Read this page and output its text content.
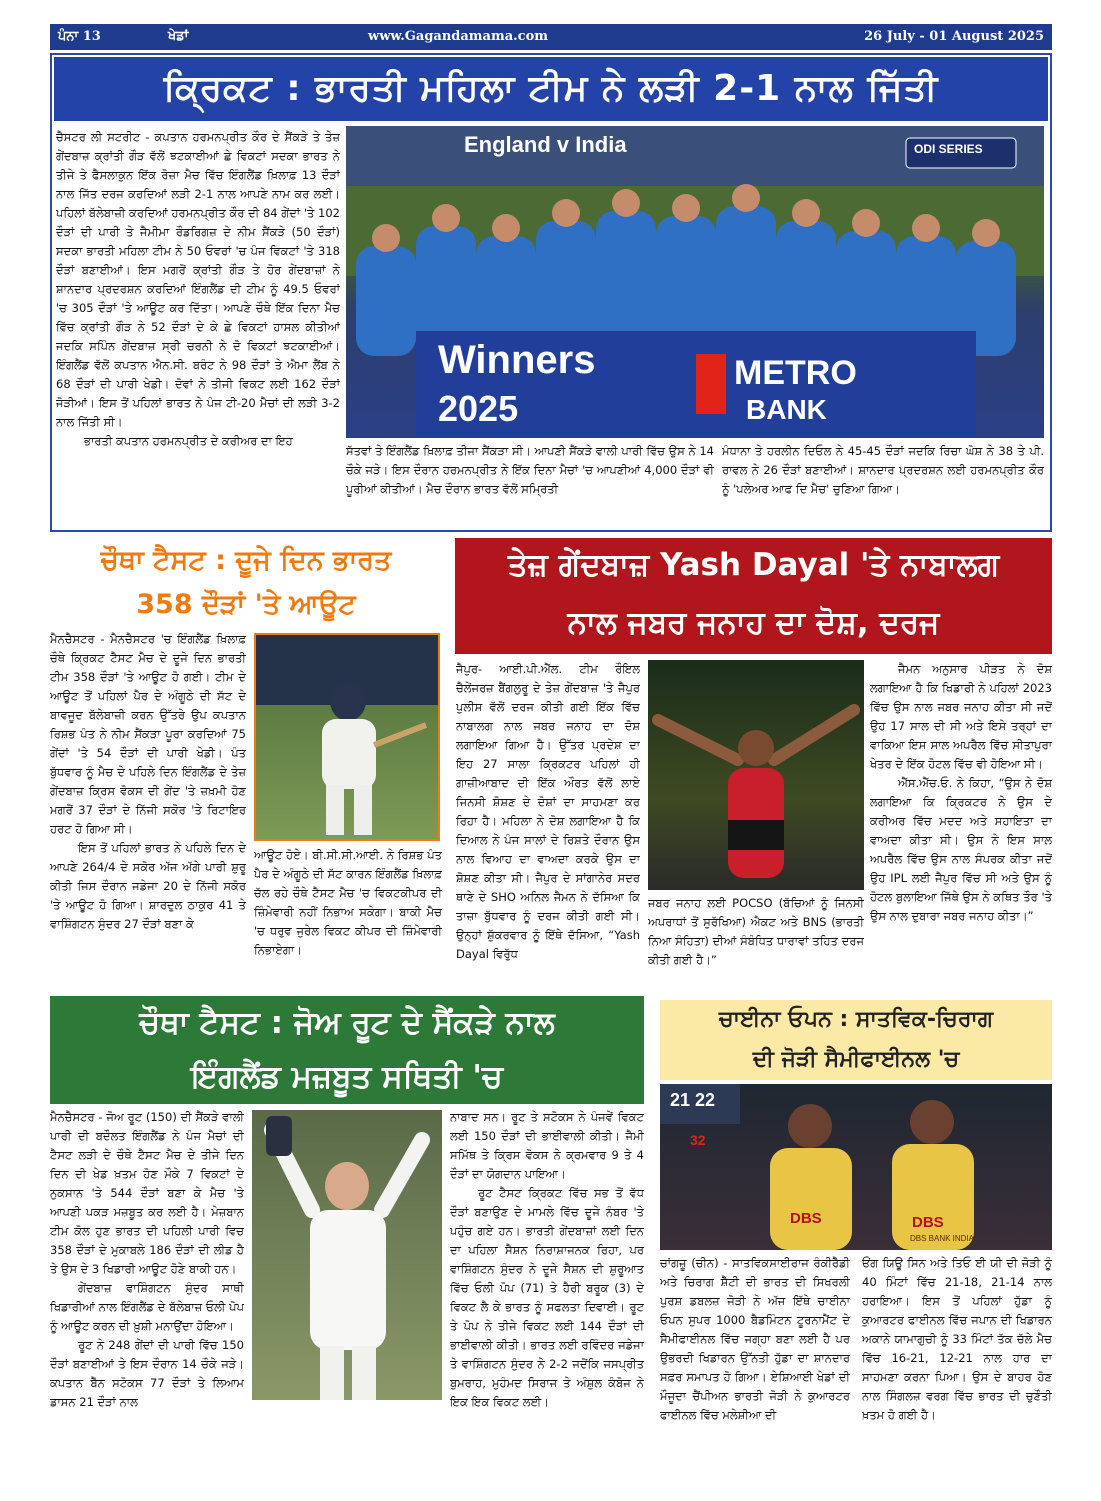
ਪੰਨਾ 13	ਖੇਡਾਂ	www.Gagandamama.com	26 July - 01 August 2025
ਕ੍ਰਿਕਟ : ਭਾਰਤੀ ਮਹਿਲਾ ਟੀਮ ਨੇ ਲੜੀ 2-1 ਨਾਲ ਜਿੱਤੀ
England v India	ODI SERIES
Winners
2025
METRO
BANK

ਚੈਸਟਰ ਲੀ ਸਟਰੀਟ - ਕਪਤਾਨ ਹਰਮਨਪ੍ਰੀਤ ਕੌਰ ਦੇ ਸੈਂਕੜੇ ਤੇ ਤੇਜ਼ ਗੇਂਦਬਾਜ਼ ਕ੍ਰਾਂਤੀ ਗੌੜ ਵੱਲੋਂ ਝਟਕਾਈਆਂ ਛੇ ਵਿਕਟਾਂ ਸਦਕਾ ਭਾਰਤ ਨੇ ਤੀਜੇ ਤੇ ਫੈਸਲਾਕੁਨ ਇੱਕ ਰੋਜ਼ਾ ਮੈਚ ਵਿੱਚ ਇੰਗਲੈਂਡ ਖ਼ਿਲਾਫ਼ 13 ਦੌੜਾਂ ਨਾਲ ਜਿੱਤ ਦਰਜ ਕਰਦਿਆਂ ਲੜੀ 2-1 ਨਾਲ ਆਪਣੇ ਨਾਮ ਕਰ ਲਈ। ਪਹਿਲਾਂ ਬੱਲੇਬਾਜ਼ੀ ਕਰਦਿਆਂ ਹਰਮਨਪ੍ਰੀਤ ਕੌਰ ਦੀ 84 ਗੇਂਦਾਂ 'ਤੇ 102 ਦੌੜਾਂ ਦੀ ਪਾਰੀ ਤੇ ਜੈਮੀਮਾ ਰੌਡਰਿਗਜ਼ ਦੇ ਨੀਮ ਸੈਂਕੜੇ (50 ਦੌੜਾਂ) ਸਦਕਾ ਭਾਰਤੀ ਮਹਿਲਾ ਟੀਮ ਨੇ 50 ਓਵਰਾਂ 'ਚ ਪੰਜ ਵਿਕਟਾਂ 'ਤੇ 318 ਦੌੜਾਂ ਬਣਾਈਆਂ। ਇਸ ਮਗਰੋਂ ਕ੍ਰਾਂਤੀ ਗੌੜ ਤੇ ਹੋਰ ਗੇਂਦਬਾਜ਼ਾਂ ਨੇ ਸ਼ਾਨਦਾਰ ਪ੍ਰਦਰਸ਼ਨ ਕਰਦਿਆਂ ਇੰਗਲੈਂਡ ਦੀ ਟੀਮ ਨੂੰ 49.5 ਓਵਰਾਂ 'ਚ 305 ਦੌੜਾਂ 'ਤੇ ਆਊਟ ਕਰ ਦਿੱਤਾ। ਆਪਣੇ ਚੌਥੇ ਇੱਕ ਦਿਨਾ ਮੈਚ ਵਿੱਚ ਕ੍ਰਾਂਤੀ ਗੌੜ ਨੇ 52 ਦੌੜਾਂ ਦੇ ਕੇ ਛੇ ਵਿਕਟਾਂ ਹਾਸਲ ਕੀਤੀਆਂ ਜਦਕਿ ਸਪਿੰਨ ਗੇਂਦਬਾਜ਼ ਸ੍ਰੀ ਚਰਨੀ ਨੇ ਦੋ ਵਿਕਟਾਂ ਝਟਕਾਈਆਂ। ਇੰਗਲੈਂਡ ਵੱਲੋਂ ਕਪਤਾਨ ਐਨ.ਸੀ. ਬਰੰਟ ਨੇ 98 ਦੌੜਾਂ ਤੇ ਐਮਾ ਲੈਂਬ ਨੇ 68 ਦੌੜਾਂ ਦੀ ਪਾਰੀ ਖੇਡੀ। ਦੋਵਾਂ ਨੇ ਤੀਜੀ ਵਿਕਟ ਲਈ 162 ਦੌੜਾਂ ਜੋੜੀਆਂ। ਇਸ ਤੋਂ ਪਹਿਲਾਂ ਭਾਰਤ ਨੇ ਪੰਜ ਟੀ-20 ਮੈਚਾਂ ਦੀ ਲੜੀ 3-2 ਨਾਲ ਜਿੱਤੀ ਸੀ।

ਭਾਰਤੀ ਕਪਤਾਨ ਹਰਮਨਪ੍ਰੀਤ ਦੇ ਕਰੀਅਰ ਦਾ ਇਹ

ਸੱਤਵਾਂ ਤੇ ਇੰਗਲੈਂਡ ਖ਼ਿਲਾਫ਼ ਤੀਜਾ ਸੈਂਕੜਾ ਸੀ। ਆਪਣੀ ਸੈਂਕੜੇ ਵਾਲੀ ਪਾਰੀ ਵਿੱਚ ਉਸ ਨੇ 14 ਚੌਕੇ ਜੜੇ। ਇਸ ਦੌਰਾਨ ਹਰਮਨਪ੍ਰੀਤ ਨੇ ਇੱਕ ਦਿਨਾ ਮੈਚਾਂ 'ਚ ਆਪਣੀਆਂ 4,000 ਦੌੜਾਂ ਵੀ ਪੂਰੀਆਂ ਕੀਤੀਆਂ। ਮੈਚ ਦੌਰਾਨ ਭਾਰਤ ਵੱਲੋਂ ਸਮ੍ਰਿਤੀ

ਮੰਧਾਨਾ ਤੇ ਹਰਲੀਨ ਦਿਓਲ ਨੇ 45-45 ਦੌੜਾਂ ਜਦਕਿ ਰਿਚਾ ਘੋਸ਼ ਨੇ 38 ਤੇ ਪੀ. ਰਾਵਲ ਨੇ 26 ਦੌੜਾਂ ਬਣਾਈਆਂ। ਸ਼ਾਨਦਾਰ ਪ੍ਰਦਰਸ਼ਨ ਲਈ ਹਰਮਨਪ੍ਰੀਤ ਕੌਰ ਨੂੰ 'ਪਲੇਅਰ ਆਫ ਦਿ ਮੈਚ' ਚੁਣਿਆ ਗਿਆ।

ਚੌਥਾ ਟੈਸਟ : ਦੂਜੇ ਦਿਨ ਭਾਰਤ
358 ਦੌੜਾਂ 'ਤੇ ਆਊਟ

ਮੈਨਚੈਸਟਰ - ਮੈਨਚੈਸਟਰ 'ਚ ਇੰਗਲੈਂਡ ਖ਼ਿਲਾਫ਼ ਚੌਥੇ ਕ੍ਰਿਕਟ ਟੈਸਟ ਮੈਚ ਦੇ ਦੂਜੇ ਦਿਨ ਭਾਰਤੀ ਟੀਮ 358 ਦੌੜਾਂ 'ਤੇ ਆਊਟ ਹੋ ਗਈ। ਟੀਮ ਦੇ ਆਊਟ ਤੋਂ ਪਹਿਲਾਂ ਪੈਰ ਦੇ ਅੰਗੂਠੇ ਦੀ ਸੱਟ ਦੇ ਬਾਵਜੂਦ ਬੱਲੇਬਾਜ਼ੀ ਕਰਨ ਉੱਤਰੇ ਉਪ ਕਪਤਾਨ ਰਿਸ਼ਭ ਪੰਤ ਨੇ ਨੀਮ ਸੈਂਕੜਾ ਪੂਰਾ ਕਰਦਿਆਂ 75 ਗੇਂਦਾਂ 'ਤੇ 54 ਦੌੜਾਂ ਦੀ ਪਾਰੀ ਖੇਡੀ। ਪੰਤ ਬੁੱਧਵਾਰ ਨੂੰ ਮੈਚ ਦੇ ਪਹਿਲੇ ਦਿਨ ਇੰਗਲੈਂਡ ਦੇ ਤੇਜ਼ ਗੇਂਦਬਾਜ਼ ਕ੍ਰਿਸ ਵੋਕਸ ਦੀ ਗੇਂਦ 'ਤੇ ਜ਼ਖ਼ਮੀ ਹੋਣ ਮਗਰੋਂ 37 ਦੌੜਾਂ ਦੇ ਨਿੱਜੀ ਸਕੋਰ 'ਤੇ ਰਿਟਾਇਰ ਹਰਟ ਹੋ ਗਿਆ ਸੀ।

ਇਸ ਤੋਂ ਪਹਿਲਾਂ ਭਾਰਤ ਨੇ ਪਹਿਲੇ ਦਿਨ ਦੇ ਆਪਣੇ 264/4 ਦੇ ਸਕੋਰ ਅੱਜ ਅੱਗੇ ਪਾਰੀ ਸ਼ੁਰੂ ਕੀਤੀ ਜਿਸ ਦੌਰਾਨ ਜਡੇਜਾ 20 ਦੇ ਨਿੱਜੀ ਸਕੋਰ 'ਤੇ ਆਊਟ ਹੋ ਗਿਆ। ਸ਼ਾਰਦੁਲ ਠਾਕੁਰ 41 ਤੇ ਵਾਸ਼ਿੰਗਟਨ ਸੁੰਦਰ 27 ਦੌੜਾਂ ਬਣਾ ਕੇ

ਆਊਟ ਹੋਏ। ਬੀ.ਸੀ.ਸੀ.ਆਈ. ਨੇ ਰਿਸ਼ਭ ਪੰਤ ਪੈਰ ਦੇ ਅੰਗੂਠੇ ਦੀ ਸੱਟ ਕਾਰਨ ਇੰਗਲੈਂਡ ਖ਼ਿਲਾਫ਼ ਚੱਲ ਰਹੇ ਚੌਥੇ ਟੈਸਟ ਮੈਚ 'ਚ ਵਿਕਟਕੀਪਰ ਦੀ ਜ਼ਿੰਮੇਵਾਰੀ ਨਹੀਂ ਨਿਭਾਅ ਸਕੇਗਾ। ਬਾਕੀ ਮੈਚ 'ਚ ਧਰੁਵ ਜੁਰੇਲ ਵਿਕਟ ਕੀਪਰ ਦੀ ਜ਼ਿੰਮੇਵਾਰੀ ਨਿਭਾਏਗਾ।

ਤੇਜ਼ ਗੇਂਦਬਾਜ਼ Yash Dayal 'ਤੇ ਨਾਬਾਲਗ
ਨਾਲ ਜਬਰ ਜਨਾਹ ਦਾ ਦੋਸ਼, ਦਰਜ

ਜੈਪੁਰ- ਆਈ.ਪੀ.ਐੱਲ. ਟੀਮ ਰੌਇਲ ਚੈਲੇਂਜਰਜ਼ ਬੈਂਗਲੁਰੂ ਦੇ ਤੇਜ਼ ਗੇਂਦਬਾਜ਼ 'ਤੇ ਜੈਪੁਰ ਪੁਲੀਸ ਵੱਲੋਂ ਦਰਜ ਕੀਤੀ ਗਈ ਇੱਕ ਵਿੱਚ ਨਾਬਾਲਗ ਨਾਲ ਜਬਰ ਜਨਾਹ ਦਾ ਦੋਸ਼ ਲਗਾਇਆ ਗਿਆ ਹੈ। ਉੱਤਰ ਪ੍ਰਦੇਸ਼ ਦਾ ਇਹ 27 ਸਾਲਾ ਕ੍ਰਿਕਟਰ ਪਹਿਲਾਂ ਹੀ ਗਾਜ਼ੀਆਬਾਦ ਦੀ ਇੱਕ ਔਰਤ ਵੱਲੋਂ ਲਾਏ ਜਿਨਸੀ ਸ਼ੋਸ਼ਣ ਦੇ ਦੋਸ਼ਾਂ ਦਾ ਸਾਹਮਣਾ ਕਰ ਰਿਹਾ ਹੈ। ਮਹਿਲਾ ਨੇ ਦੋਸ਼ ਲਗਾਇਆ ਹੈ ਕਿ ਦਿਆਲ ਨੇ ਪੰਜ ਸਾਲਾਂ ਦੇ ਰਿਸ਼ਤੇ ਦੌਰਾਨ ਉਸ ਨਾਲ ਵਿਆਹ ਦਾ ਵਾਅਦਾ ਕਰਕੇ ਉਸ ਦਾ ਸ਼ੋਸ਼ਣ ਕੀਤਾ ਸੀ। ਜੈਪੁਰ ਦੇ ਸਾਂਗਾਨੇਰ ਸਦਰ ਥਾਣੇ ਦੇ SHO ਅਨਿਲ ਜੈਮਨ ਨੇ ਦੱਸਿਆ ਕਿ ਤਾਜ਼ਾ ਬੁੱਧਵਾਰ ਨੂੰ ਦਰਜ ਕੀਤੀ ਗਈ ਸੀ। ਉਨ੍ਹਾਂ ਸ਼ੁੱਕਰਵਾਰ ਨੂੰ ਇੱਥੇ ਦੱਸਿਆ, “Yash Dayal ਵਿਰੁੱਧ

ਜਬਰ ਜਨਾਹ ਲਈ POCSO (ਬੱਚਿਆਂ ਨੂੰ ਜਿਨਸੀ ਅਪਰਾਧਾਂ ਤੋਂ ਸੁਰੱਖਿਆ) ਐਕਟ ਅਤੇ BNS (ਭਾਰਤੀ ਨਿਆ ਸੰਹਿਤਾ) ਦੀਆਂ ਸੰਬੰਧਿਤ ਧਾਰਾਵਾਂ ਤਹਿਤ ਦਰਜ ਕੀਤੀ ਗਈ ਹੈ।”

ਜੈਮਨ ਅਨੁਸਾਰ ਪੀੜਤ ਨੇ ਦੋਸ਼ ਲਗਾਇਆ ਹੈ ਕਿ ਖਿਡਾਰੀ ਨੇ ਪਹਿਲਾਂ 2023 ਵਿੱਚ ਉਸ ਨਾਲ ਜਬਰ ਜਨਾਹ ਕੀਤਾ ਸੀ ਜਦੋਂ ਉਹ 17 ਸਾਲ ਦੀ ਸੀ ਅਤੇ ਇਸੇ ਤਰ੍ਹਾਂ ਦਾ ਵਾਕਿਆ ਇਸ ਸਾਲ ਅਪਰੈਲ ਵਿੱਚ ਸੀਤਾਪੁਰਾ ਖੇਤਰ ਦੇ ਇੱਕ ਹੋਟਲ ਵਿੱਚ ਵੀ ਹੋਇਆ ਸੀ।

ਐੱਸ.ਐੱਚ.ਓ. ਨੇ ਕਿਹਾ, “ਉਸ ਨੇ ਦੋਸ਼ ਲਗਾਇਆ ਕਿ ਕ੍ਰਿਕਟਰ ਨੇ ਉਸ ਦੇ ਕਰੀਅਰ ਵਿੱਚ ਮਦਦ ਅਤੇ ਸਹਾਇਤਾ ਦਾ ਵਾਅਦਾ ਕੀਤਾ ਸੀ। ਉਸ ਨੇ ਇਸ ਸਾਲ ਅਪਰੈਲ ਵਿੱਚ ਉਸ ਨਾਲ ਸੰਪਰਕ ਕੀਤਾ ਜਦੋਂ ਉਹ IPL ਲਈ ਜੈਪੁਰ ਵਿੱਚ ਸੀ ਅਤੇ ਉਸ ਨੂੰ ਹੋਟਲ ਬੁਲਾਇਆ ਜਿੱਥੇ ਉਸ ਨੇ ਕਥਿਤ ਤੌਰ 'ਤੇ ਉਸ ਨਾਲ ਦੁਬਾਰਾ ਜਬਰ ਜਨਾਹ ਕੀਤਾ।”

ਚੌਥਾ ਟੈਸਟ : ਜੋਅ ਰੂਟ ਦੇ ਸੈਂਕੜੇ ਨਾਲ
ਇੰਗਲੈਂਡ ਮਜ਼ਬੂਤ ਸਥਿਤੀ 'ਚ

ਮੈਨਚੈਸਟਰ - ਜੋਅ ਰੂਟ (150) ਦੀ ਸੈਂਕੜੇ ਵਾਲੀ ਪਾਰੀ ਦੀ ਬਦੌਲਤ ਇੰਗਲੈਂਡ ਨੇ ਪੰਜ ਮੈਚਾਂ ਦੀ ਟੈਸਟ ਲੜੀ ਦੇ ਚੌਥੇ ਟੈਸਟ ਮੈਚ ਦੇ ਤੀਜੇ ਦਿਨ ਦਿਨ ਦੀ ਖੇਡ ਖ਼ਤਮ ਹੋਣ ਮੌਕੇ 7 ਵਿਕਟਾਂ ਦੇ ਨੁਕਸਾਨ 'ਤੇ 544 ਦੌੜਾਂ ਬਣਾ ਕੇ ਮੈਚ 'ਤੇ ਆਪਣੀ ਪਕੜ ਮਜ਼ਬੂਤ ਕਰ ਲਈ ਹੈ। ਮੇਜ਼ਬਾਨ ਟੀਮ ਕੋਲ ਹੁਣ ਭਾਰਤ ਦੀ ਪਹਿਲੀ ਪਾਰੀ ਵਿਚ 358 ਦੌੜਾਂ ਦੇ ਮੁਕਾਬਲੇ 186 ਦੌੜਾਂ ਦੀ ਲੀਡ ਹੈ ਤੇ ਉਸ ਦੇ 3 ਖਿਡਾਰੀ ਆਊਟ ਹੋਣੇ ਬਾਕੀ ਹਨ।

ਗੇਂਦਬਾਜ਼ ਵਾਸ਼ਿੰਗਟਨ ਸੁੰਦਰ ਸਾਥੀ ਖਿਡਾਰੀਆਂ ਨਾਲ ਇੰਗਲੈਂਡ ਦੇ ਬੱਲੇਬਾਜ਼ ਓਲੀ ਪੋਪ ਨੂੰ ਆਊਟ ਕਰਨ ਦੀ ਖ਼ੁਸ਼ੀ ਮਨਾਉਂਦਾ ਹੋਇਆ।

ਰੂਟ ਨੇ 248 ਗੇਂਦਾਂ ਦੀ ਪਾਰੀ ਵਿੱਚ 150 ਦੌੜਾਂ ਬਣਾਈਆਂ ਤੇ ਇਸ ਦੌਰਾਨ 14 ਚੌਕੇ ਜੜੇ। ਕਪਤਾਨ ਬੈੱਨ ਸਟੋਕਸ 77 ਦੌੜਾਂ ਤੇ ਲਿਆਮ ਡਾਸਨ 21 ਦੌੜਾਂ ਨਾਲ

ਨਾਬਾਦ ਸਨ। ਰੂਟ ਤੇ ਸਟੋਕਸ ਨੇ ਪੰਜਵੇਂ ਵਿਕਟ ਲਈ 150 ਦੌੜਾਂ ਦੀ ਭਾਈਵਾਲੀ ਕੀਤੀ। ਜੈਮੀ ਸਮਿੱਥ ਤੇ ਕ੍ਰਿਸ ਵੋਕਸ ਨੇ ਕ੍ਰਮਵਾਰ 9 ਤੇ 4 ਦੌੜਾਂ ਦਾ ਯੋਗਦਾਨ ਪਾਇਆ।

ਰੂਟ ਟੈਸਟ ਕ੍ਰਿਕਟ ਵਿੱਚ ਸਭ ਤੋਂ ਵੱਧ ਦੌੜਾਂ ਬਣਾਉਣ ਦੇ ਮਾਮਲੇ ਵਿੱਚ ਦੂਜੇ ਨੰਬਰ 'ਤੇ ਪਹੁੰਚ ਗਏ ਹਨ। ਭਾਰਤੀ ਗੇਂਦਬਾਜ਼ਾਂ ਲਈ ਦਿਨ ਦਾ ਪਹਿਲਾ ਸੈਸ਼ਨ ਨਿਰਾਸ਼ਾਜਨਕ ਰਿਹਾ, ਪਰ ਵਾਸ਼ਿੰਗਟਨ ਸੁੰਦਰ ਨੇ ਦੂਜੇ ਸੈਸ਼ਨ ਦੀ ਸ਼ੁਰੂਆਤ ਵਿੱਚ ਓਲੀ ਪੋਪ (71) ਤੇ ਹੈਰੀ ਬਰੂਕ (3) ਦੇ ਵਿਕਟ ਲੈ ਕੇ ਭਾਰਤ ਨੂੰ ਸਫਲਤਾ ਦਿਵਾਈ। ਰੂਟ ਤੇ ਪੋਪ ਨੇ ਤੀਜੇ ਵਿਕਟ ਲਈ 144 ਦੌੜਾਂ ਦੀ ਭਾਈਵਾਲੀ ਕੀਤੀ। ਭਾਰਤ ਲਈ ਰਵਿੰਦਰ ਜਡੇਜਾ ਤੇ ਵਾਸ਼ਿੰਗਟਨ ਸੁੰਦਰ ਨੇ 2-2 ਜਦੋਂਕਿ ਜਸਪ੍ਰੀਤ ਬੁਮਰਾਹ, ਮੁਹੰਮਦ ਸਿਰਾਜ ਤੇ ਅੰਸ਼ੁਲ ਕੰਬੋਜ ਨੇ ਇਕ ਇਕ ਵਿਕਟ ਲਈ।

ਚਾਈਨਾ ਓਪਨ : ਸਾਤਵਿਕ-ਚਿਰਾਗ
ਦੀ ਜੋੜੀ ਸੈਮੀਫਾਈਨਲ 'ਚ
21 22
32
DBS	DBS
DBS BANK INDIA

ਚਾਂਗਜ਼ੂ (ਚੀਨ) - ਸਾਤਵਿਕਸਾਈਰਾਜ ਰੰਕੀਰੈੱਡੀ ਅਤੇ ਚਿਰਾਗ ਸ਼ੈੱਟੀ ਦੀ ਭਾਰਤ ਦੀ ਸਿਖਰਲੀ ਪੁਰਸ਼ ਡਬਲਜ਼ ਜੋੜੀ ਨੇ ਅੱਜ ਇੱਥੇ ਚਾਈਨਾ ਓਪਨ ਸੁਪਰ 1000 ਬੈਡਮਿੰਟਨ ਟੂਰਨਾਮੈਂਟ ਦੇ ਸੈਮੀਫਾਈਨਲ ਵਿੱਚ ਜਗ੍ਹਾ ਬਣਾ ਲਈ ਹੈ ਪਰ ਉਭਰਦੀ ਖਿਡਾਰਨ ਉੱਨਤੀ ਹੁੱਡਾ ਦਾ ਸ਼ਾਨਦਾਰ ਸਫ਼ਰ ਸਮਾਪਤ ਹੋ ਗਿਆ। ਏਸ਼ਿਆਈ ਖੇਡਾਂ ਦੀ ਮੌਜੂਦਾ ਚੈਂਪੀਅਨ ਭਾਰਤੀ ਜੋੜੀ ਨੇ ਕੁਆਰਟਰ ਫਾਈਨਲ ਵਿੱਚ ਮਲੇਸ਼ੀਆ ਦੀ

ਓਂਗ ਯਿਊ ਸਿਨ ਅਤੇ ਤਿਓ ਈ ਯੀ ਦੀ ਜੋੜੀ ਨੂੰ 40 ਮਿੰਟਾਂ ਵਿੱਚ 21-18, 21-14 ਨਾਲ ਹਰਾਇਆ। ਇਸ ਤੋਂ ਪਹਿਲਾਂ ਹੁੱਡਾ ਨੂੰ ਕੁਆਰਟਰ ਫਾਈਨਲ ਵਿੱਚ ਜਪਾਨ ਦੀ ਖਿਡਾਰਨ ਅਕਾਨੇ ਯਾਮਾਗੁਚੀ ਨੂੰ 33 ਮਿੰਟਾਂ ਤੱਕ ਚੱਲੇ ਮੈਚ ਵਿੱਚ 16-21, 12-21 ਨਾਲ ਹਾਰ ਦਾ ਸਾਹਮਣਾ ਕਰਨਾ ਪਿਆ। ਉਸ ਦੇ ਬਾਹਰ ਹੋਣ ਨਾਲ ਸਿੰਗਲਜ਼ ਵਰਗ ਵਿੱਚ ਭਾਰਤ ਦੀ ਚੁਣੌਤੀ ਖ਼ਤਮ ਹੋ ਗਈ ਹੈ।
